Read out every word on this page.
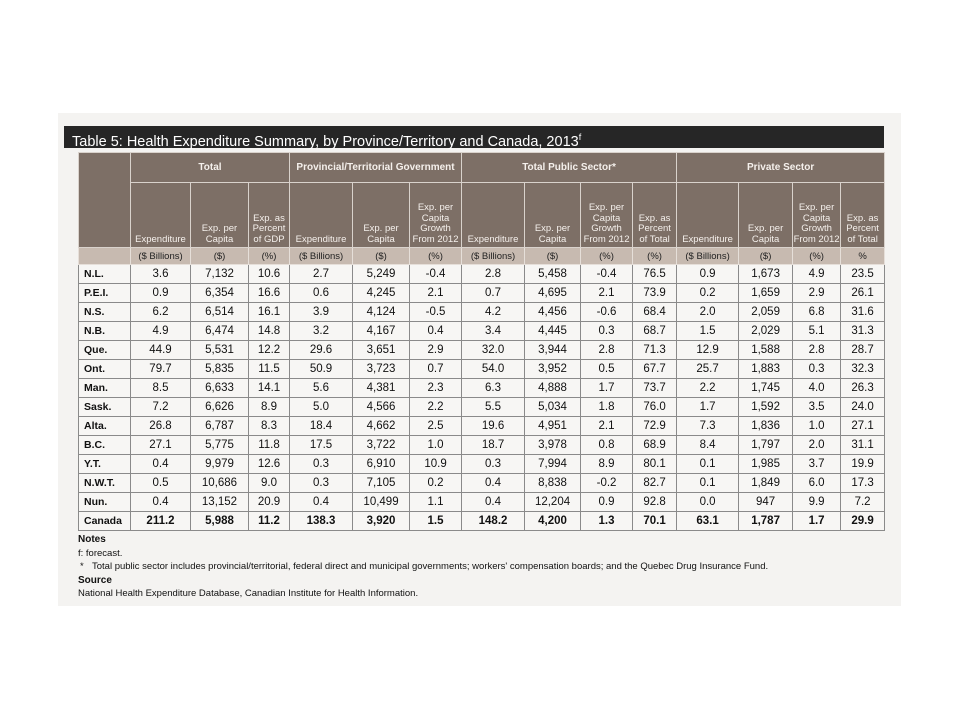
Table 5: Health Expenditure Summary, by Province/Territory and Canada, 2013$^f$
	Total			Provincial/Territorial Government			Total Public Sector*				Private Sector			
	Expenditure	Exp. per Capita	Exp. as Percent of GDP	Expenditure	Exp. per Capita	Exp. per Capita Growth From 2012	Expenditure	Exp. per Capita	Exp. per Capita Growth From 2012	Exp. as Percent of Total	Expenditure	Exp. per Capita	Exp. per Capita Growth From 2012	Exp. as Percent of Total
	($ Billions)	($)	(%)	($ Billions)	($)	(%)	($ Billions)	($)	(%)	(%)	($ Billions)	($)	(%)	%
N.L.	3.6	7,132	10.6	2.7	5,249	-0.4	2.8	5,458	-0.4	76.5	0.9	1,673	4.9	23.5
P.E.I.	0.9	6,354	16.6	0.6	4,245	2.1	0.7	4,695	2.1	73.9	0.2	1,659	2.9	26.1
N.S.	6.2	6,514	16.1	3.9	4,124	-0.5	4.2	4,456	-0.6	68.4	2.0	2,059	6.8	31.6
N.B.	4.9	6,474	14.8	3.2	4,167	0.4	3.4	4,445	0.3	68.7	1.5	2,029	5.1	31.3
Que.	44.9	5,531	12.2	29.6	3,651	2.9	32.0	3,944	2.8	71.3	12.9	1,588	2.8	28.7
Ont.	79.7	5,835	11.5	50.9	3,723	0.7	54.0	3,952	0.5	67.7	25.7	1,883	0.3	32.3
Man.	8.5	6,633	14.1	5.6	4,381	2.3	6.3	4,888	1.7	73.7	2.2	1,745	4.0	26.3
Sask.	7.2	6,626	8.9	5.0	4,566	2.2	5.5	5,034	1.8	76.0	1.7	1,592	3.5	24.0
Alta.	26.8	6,787	8.3	18.4	4,662	2.5	19.6	4,951	2.1	72.9	7.3	1,836	1.0	27.1
B.C.	27.1	5,775	11.8	17.5	3,722	1.0	18.7	3,978	0.8	68.9	8.4	1,797	2.0	31.1
Y.T.	0.4	9,979	12.6	0.3	6,910	10.9	0.3	7,994	8.9	80.1	0.1	1,985	3.7	19.9
N.W.T.	0.5	10,686	9.0	0.3	7,105	0.2	0.4	8,838	-0.2	82.7	0.1	1,849	6.0	17.3
Nun.	0.4	13,152	20.9	0.4	10,499	1.1	0.4	12,204	0.9	92.8	0.0	947	9.9	7.2
Canada	211.2	5,988	11.2	138.3	3,920	1.5	148.2	4,200	1.3	70.1	63.1	1,787	1.7	29.9
Notes
f: forecast.
* Total public sector includes provincial/territorial, federal direct and municipal governments; workers' compensation boards; and the Quebec Drug Insurance Fund.
Source
National Health Expenditure Database, Canadian Institute for Health Information.
